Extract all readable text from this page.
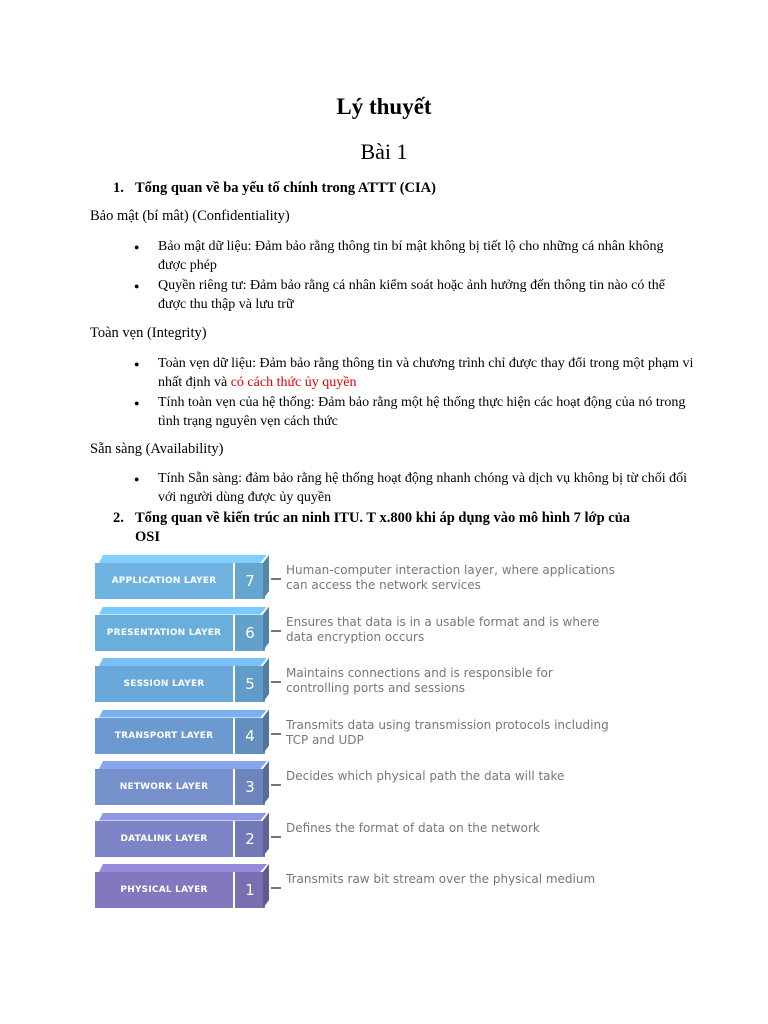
Lý thuyết
Bài 1
1. Tổng quan về ba yếu tố chính trong ATTT (CIA)
Bảo mật (bí mât) (Confidentiality)
● Bảo mật dữ liệu: Đảm bảo rằng thông tin bí mật không bị tiết lộ cho những cá nhân không được phép
● Quyền riêng tư: Đảm bảo rằng cá nhân kiểm soát hoặc ảnh hưởng đến thông tin nào có thể được thu thập và lưu trữ
Toàn vẹn (Integrity)
● Toàn vẹn dữ liệu: Đảm bảo rằng thông tin và chương trình chỉ được thay đổi trong một phạm vi nhất định và có cách thức ủy quyền
● Tính toàn vẹn của hệ thống: Đảm bảo rằng một hệ thống thực hiện các hoạt động của nó trong tình trạng nguyên vẹn cách thức
Sẵn sàng (Availability)
● Tính Sẵn sàng: đảm bảo rằng hệ thống hoạt động nhanh chóng và dịch vụ không bị từ chối đối với người dùng được ủy quyền
2. Tổng quan về kiến trúc an ninh ITU. T x.800 khi áp dụng vào mô hình 7 lớp của OSI
APPLICATION LAYER	7
Human-computer interaction layer, where applications can access the network services
PRESENTATION LAYER	6
Ensures that data is in a usable format and is where data encryption occurs
SESSION LAYER	5
Maintains connections and is responsible for controlling ports and sessions
TRANSPORT LAYER	4
Transmits data using transmission protocols including TCP and UDP
NETWORK LAYER	3
Decides which physical path the data will take
DATALINK LAYER	2
Defines the format of data on the network
PHYSICAL LAYER	1
Transmits raw bit stream over the physical medium
